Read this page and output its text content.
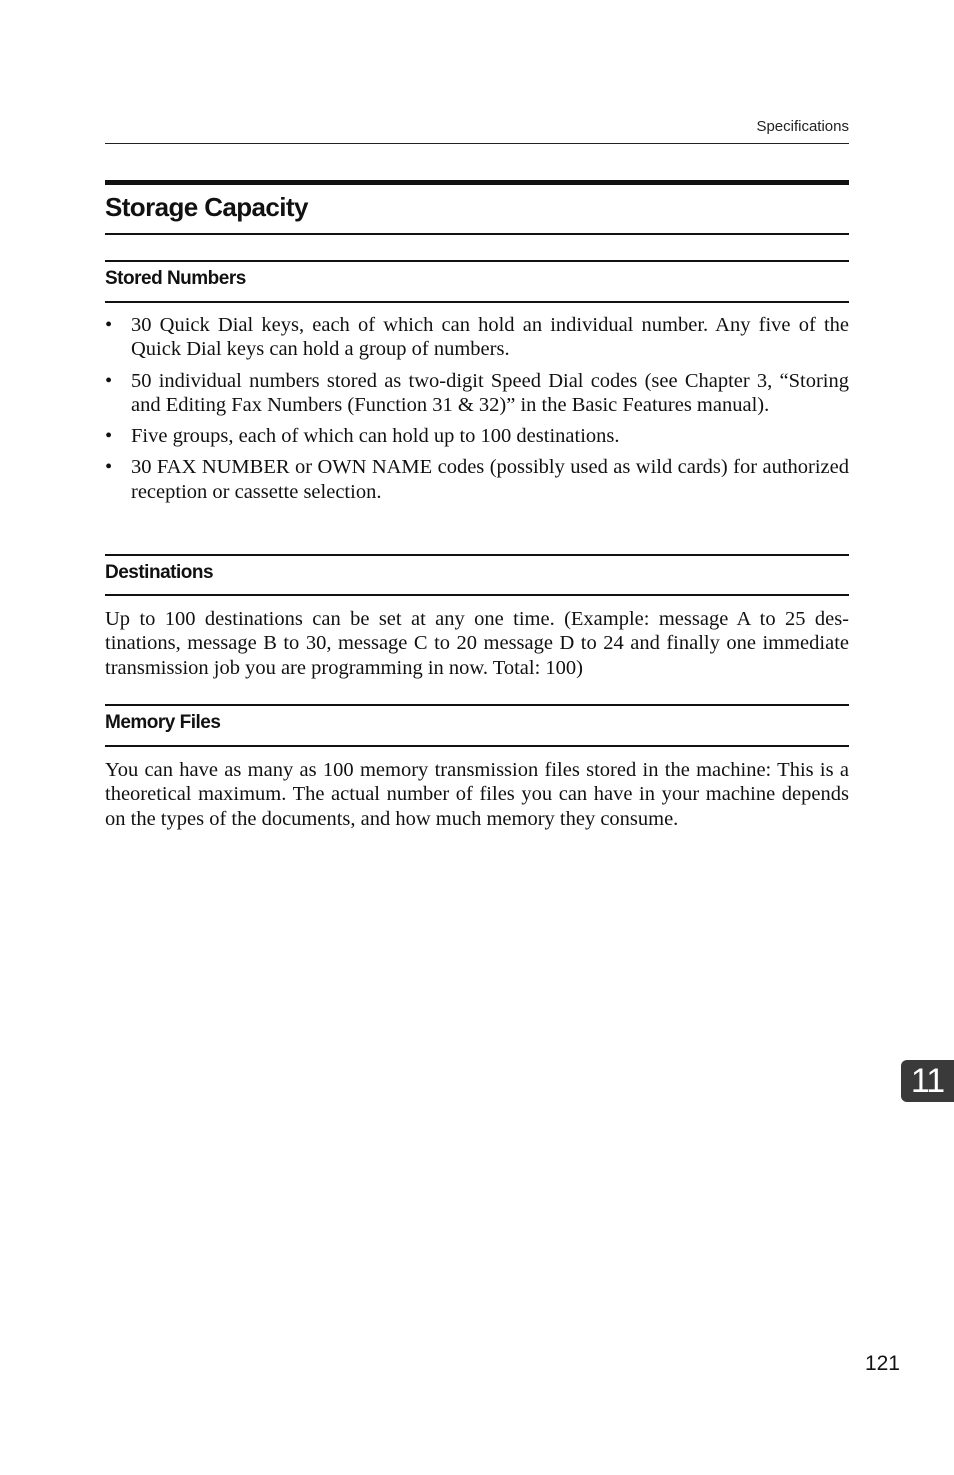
Specifications
Storage Capacity
Stored Numbers
• 30 Quick Dial keys, each of which can hold an individual number. Any five of the Quick Dial keys can hold a group of numbers.
• 50 individual numbers stored as two-digit Speed Dial codes (see Chapter 3, “Storing and Editing Fax Numbers (Function 31 & 32)” in the Basic Features manual).
• Five groups, each of which can hold up to 100 destinations.
• 30 FAX NUMBER or OWN NAME codes (possibly used as wild cards) for authorized reception or cassette selection.
Destinations

Up to 100 destinations can be set at any one time. (Example: message A to 25 destinations, message B to 30, message C to 20 message D to 24 and finally one immediate transmission job you are programming in now. Total: 100)

Memory Files

You can have as many as 100 memory transmission files stored in the machine: This is a theoretical maximum. The actual number of files you can have in your machine depends on the types of the documents, and how much memory they consume.

11
121
